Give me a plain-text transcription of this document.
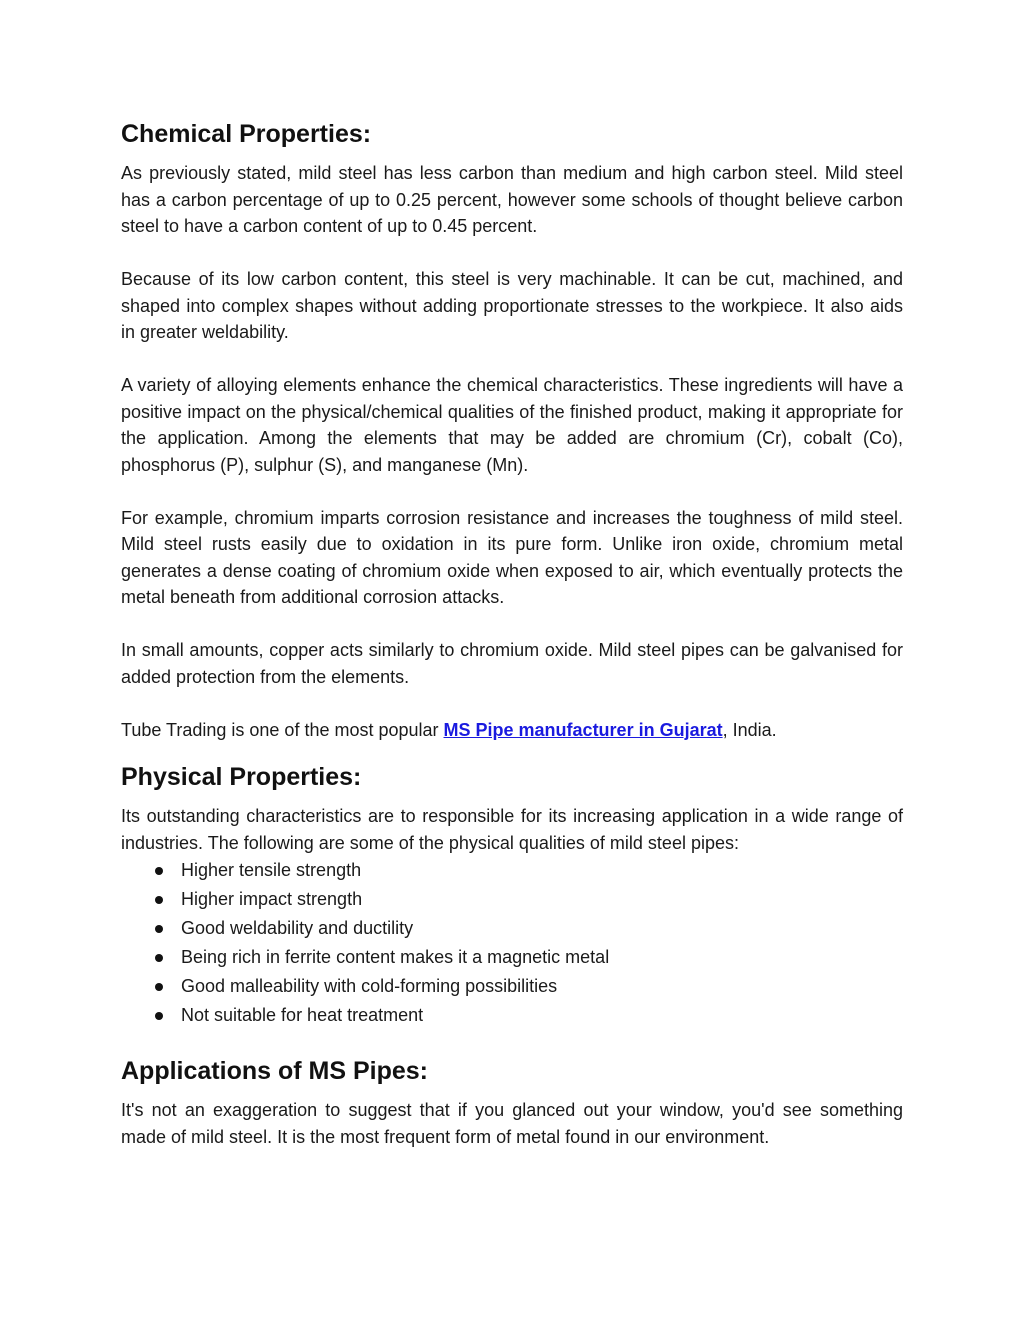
Chemical Properties:

As previously stated, mild steel has less carbon than medium and high carbon steel. Mild steel has a carbon percentage of up to 0.25 percent, however some schools of thought believe carbon steel to have a carbon content of up to 0.45 percent.

Because of its low carbon content, this steel is very machinable. It can be cut, machined, and shaped into complex shapes without adding proportionate stresses to the workpiece. It also aids in greater weldability.

A variety of alloying elements enhance the chemical characteristics. These ingredients will have a positive impact on the physical/chemical qualities of the finished product, making it appropriate for the application. Among the elements that may be added are chromium (Cr), cobalt (Co), phosphorus (P), sulphur (S), and manganese (Mn).

For example, chromium imparts corrosion resistance and increases the toughness of mild steel. Mild steel rusts easily due to oxidation in its pure form. Unlike iron oxide, chromium metal generates a dense coating of chromium oxide when exposed to air, which eventually protects the metal beneath from additional corrosion attacks.

In small amounts, copper acts similarly to chromium oxide. Mild steel pipes can be galvanised for added protection from the elements.

Tube Trading is one of the most popular MS Pipe manufacturer in Gujarat, India.

Physical Properties:

Its outstanding characteristics are to responsible for its increasing application in a wide range of industries. The following are some of the physical qualities of mild steel pipes:

Higher tensile strength
Higher impact strength
Good weldability and ductility
Being rich in ferrite content makes it a magnetic metal
Good malleability with cold-forming possibilities
Not suitable for heat treatment
Applications of MS Pipes:

It's not an exaggeration to suggest that if you glanced out your window, you'd see something made of mild steel. It is the most frequent form of metal found in our environment.
